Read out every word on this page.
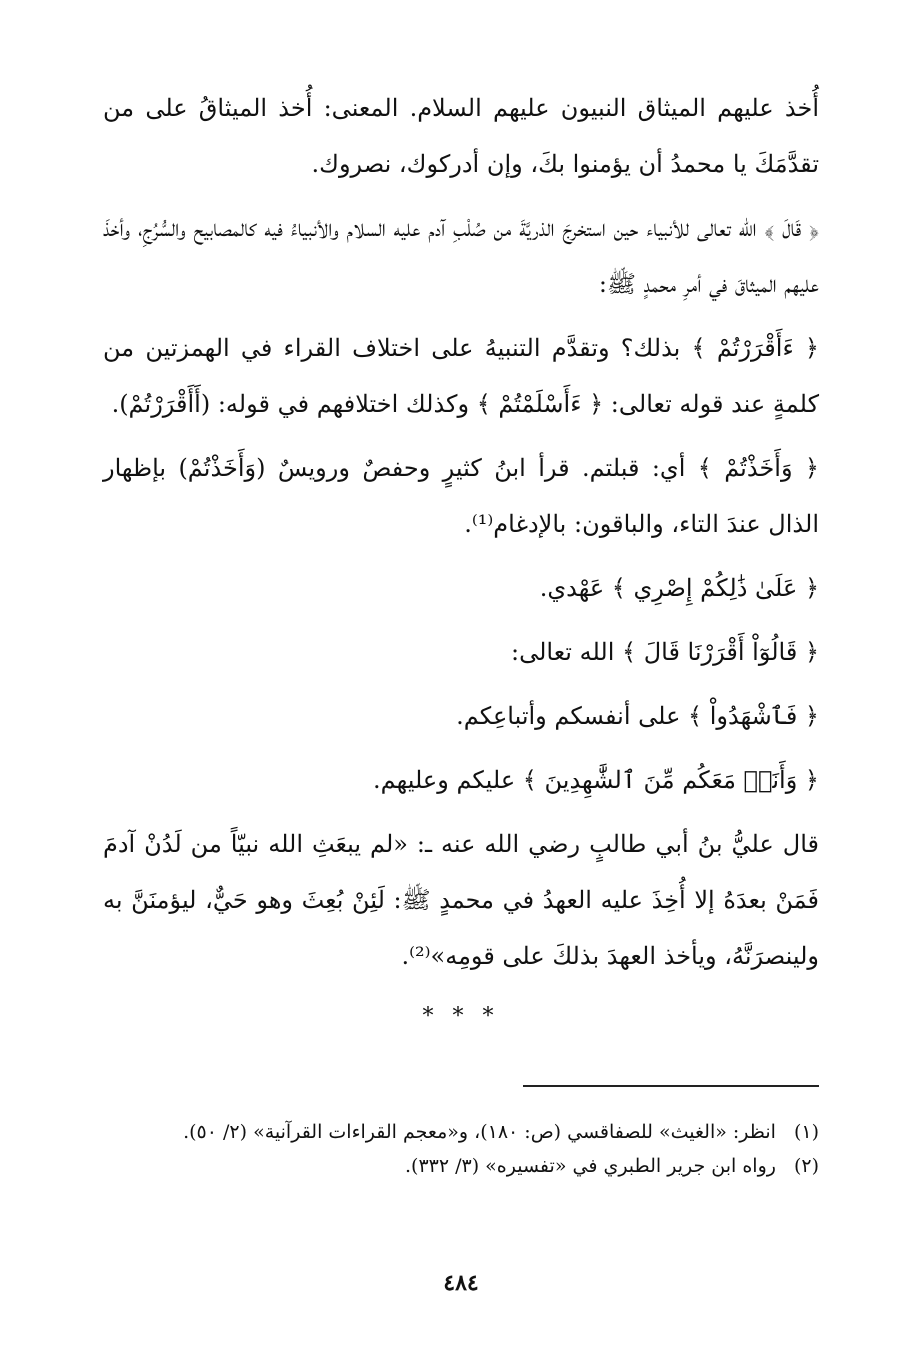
أُخذ عليهم الميثاق النبيون عليهم السلام. المعنى: أُخذ الميثاقُ على من تقدَّمَكَ يا محمدُ أن يؤمنوا بكَ، وإن أدركوك، نصروك.

﴿ قَالَ ﴾ الله تعالى للأنبياء حين استخرجَ الذريَّةَ من صُلْبِ آدم عليه السلام والأنبياءُ فيه كالمصابيح والسُّرُجِ، وأخذَ عليهم الميثاقَ في أمرِ محمدٍ ﷺ:

﴿ ءَأَقْرَرْتُمْ ﴾ بذلك؟ وتقدَّم التنبيهُ على اختلاف القراء في الهمزتين من كلمةٍ عند قوله تعالى: ﴿ ءَأَسْلَمْتُمْ ﴾ وكذلك اختلافهم في قوله: (أَأَقْرَرْتُمْ).

﴿ وَأَخَذْتُمْ ﴾ أي: قبلتم. قرأ ابنُ كثيرٍ وحفصٌ ورويسٌ (وَأَخَذْتُمْ) بإظهار الذال عندَ التاء، والباقون: بالإدغام⁽¹⁾.

﴿ عَلَىٰ ذَٰلِكُمْ إِصْرِي ﴾ عَهْدي.

﴿ قَالُوٓاْ أَقْرَرْنَا قَالَ ﴾ الله تعالى:

﴿ فَٱشْهَدُواْ ﴾ على أنفسكم وأتباعِكم.

﴿ وَأَنَا۠ مَعَكُم مِّنَ ٱلشَّٰهِدِينَ ﴾ عليكم وعليهم.

قال عليُّ بنُ أبي طالبٍ رضي الله عنه ـ: «لم يبعَثِ الله نبيّاً من لَدُنْ آدمَ فَمَنْ بعدَهُ إلا أُخِذَ عليه العهدُ في محمدٍ ﷺ: لَئِنْ بُعِثَ وهو حَيٌّ، ليؤمنَنَّ به ولينصرَنَّهُ، ويأخذ العهدَ بذلكَ على قومِه»⁽²⁾.

* * *

(١)انظر: «الغيث» للصفاقسي (ص: ١٨٠)، و«معجم القراءات القرآنية» (٢/ ٥٠).

(٢)رواه ابن جرير الطبري في «تفسيره» (٣/ ٣٣٢).

٤٨٤
